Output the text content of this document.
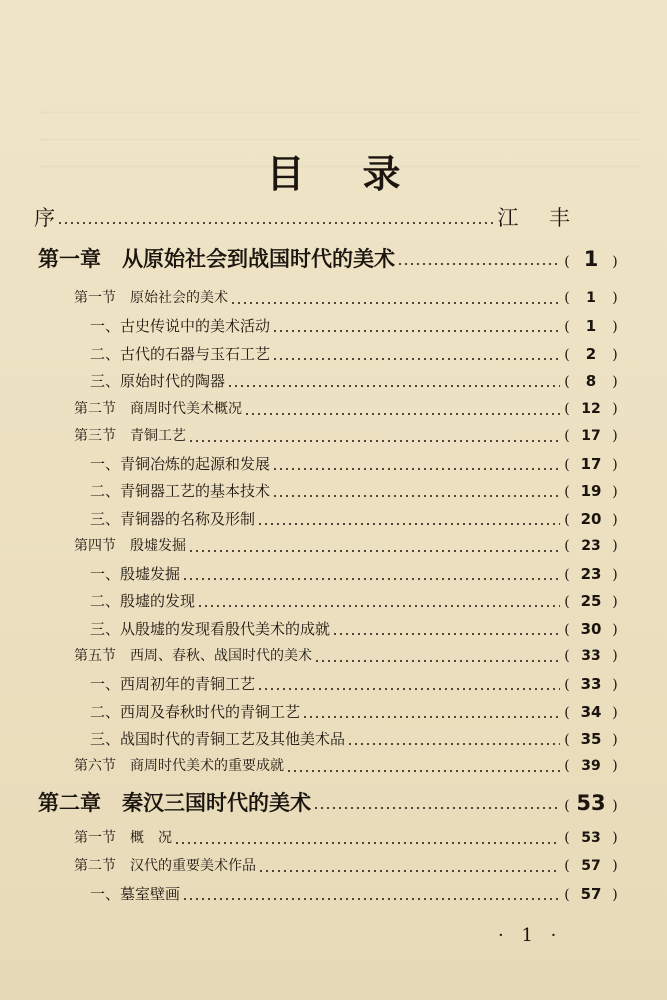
目录
序	江 丰
第一章　从原始社会到战国时代的美术	( 1 )
第一节　原始社会的美术	(	1	)
一、古史传说中的美术活动	(	1	)
二、古代的石器与玉石工艺	(	2	)
三、原始时代的陶器	(	8	)
第二节　商周时代美术概况	( 12 )
第三节　青铜工艺	( 17 )
一、青铜冶炼的起源和发展	( 17 )
二、青铜器工艺的基本技术	( 19 )
三、青铜器的名称及形制	( 20 )
第四节　殷墟发掘	( 23 )
一、殷墟发掘	( 23 )
二、殷墟的发现	( 25 )
三、从殷墟的发现看殷代美术的成就	( 30 )
第五节　西周、春秋、战国时代的美术	( 33 )
一、西周初年的青铜工艺	( 33 )
二、西周及春秋时代的青铜工艺	( 34 )
三、战国时代的青铜工艺及其他美术品	( 35 )
第六节　商周时代美术的重要成就	( 39 )
第二章　秦汉三国时代的美术	( 53 )
第一节　概　况	( 53 )
第二节　汉代的重要美术作品	( 57 )
一、墓室壁画	( 57 )
· 1 ·
